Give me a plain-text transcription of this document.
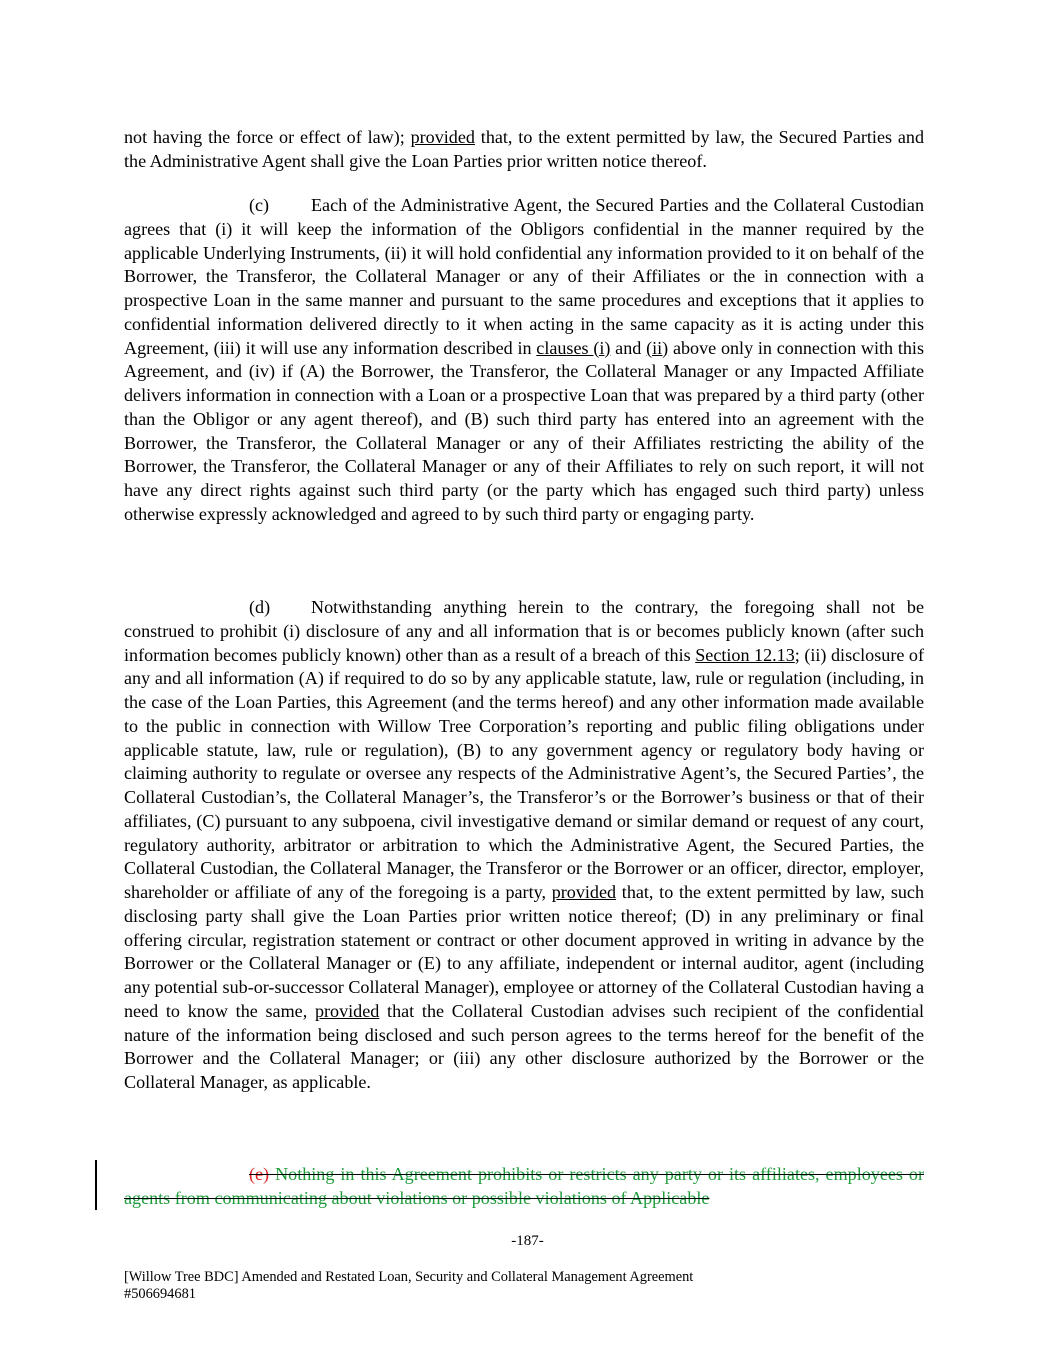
not having the force or effect of law); provided that, to the extent permitted by law, the Secured Parties and the Administrative Agent shall give the Loan Parties prior written notice thereof.

(c) Each of the Administrative Agent, the Secured Parties and the Collateral Custodian agrees that (i) it will keep the information of the Obligors confidential in the manner required by the applicable Underlying Instruments, (ii) it will hold confidential any information provided to it on behalf of the Borrower, the Transferor, the Collateral Manager or any of their Affiliates or the in connection with a prospective Loan in the same manner and pursuant to the same procedures and exceptions that it applies to confidential information delivered directly to it when acting in the same capacity as it is acting under this Agreement, (iii) it will use any information described in clauses (i) and (ii) above only in connection with this Agreement, and (iv) if (A) the Borrower, the Transferor, the Collateral Manager or any Impacted Affiliate delivers information in connection with a Loan or a prospective Loan that was prepared by a third party (other than the Obligor or any agent thereof), and (B) such third party has entered into an agreement with the Borrower, the Transferor, the Collateral Manager or any of their Affiliates restricting the ability of the Borrower, the Transferor, the Collateral Manager or any of their Affiliates to rely on such report, it will not have any direct rights against such third party (or the party which has engaged such third party) unless otherwise expressly acknowledged and agreed to by such third party or engaging party.

(d) Notwithstanding anything herein to the contrary, the foregoing shall not be construed to prohibit (i) disclosure of any and all information that is or becomes publicly known (after such information becomes publicly known) other than as a result of a breach of this Section 12.13; (ii) disclosure of any and all information (A) if required to do so by any applicable statute, law, rule or regulation (including, in the case of the Loan Parties, this Agreement (and the terms hereof) and any other information made available to the public in connection with Willow Tree Corporation’s reporting and public filing obligations under applicable statute, law, rule or regulation), (B) to any government agency or regulatory body having or claiming authority to regulate or oversee any respects of the Administrative Agent’s, the Secured Parties’, the Collateral Custodian’s, the Collateral Manager’s, the Transferor’s or the Borrower’s business or that of their affiliates, (C) pursuant to any subpoena, civil investigative demand or similar demand or request of any court, regulatory authority, arbitrator or arbitration to which the Administrative Agent, the Secured Parties, the Collateral Custodian, the Collateral Manager, the Transferor or the Borrower or an officer, director, employer, shareholder or affiliate of any of the foregoing is a party, provided that, to the extent permitted by law, such disclosing party shall give the Loan Parties prior written notice thereof; (D) in any preliminary or final offering circular, registration statement or contract or other document approved in writing in advance by the Borrower or the Collateral Manager or (E) to any affiliate, independent or internal auditor, agent (including any potential sub-or-successor Collateral Manager), employee or attorney of the Collateral Custodian having a need to know the same, provided that the Collateral Custodian advises such recipient of the confidential nature of the information being disclosed and such person agrees to the terms hereof for the benefit of the Borrower and the Collateral Manager; or (iii) any other disclosure authorized by the Borrower or the Collateral Manager, as applicable.

(e) Nothing in this Agreement prohibits or restricts any party or its affiliates, employees or agents from communicating about violations or possible violations of Applicable

-187-
[Willow Tree BDC] Amended and Restated Loan, Security and Collateral Management Agreement
#506694681
